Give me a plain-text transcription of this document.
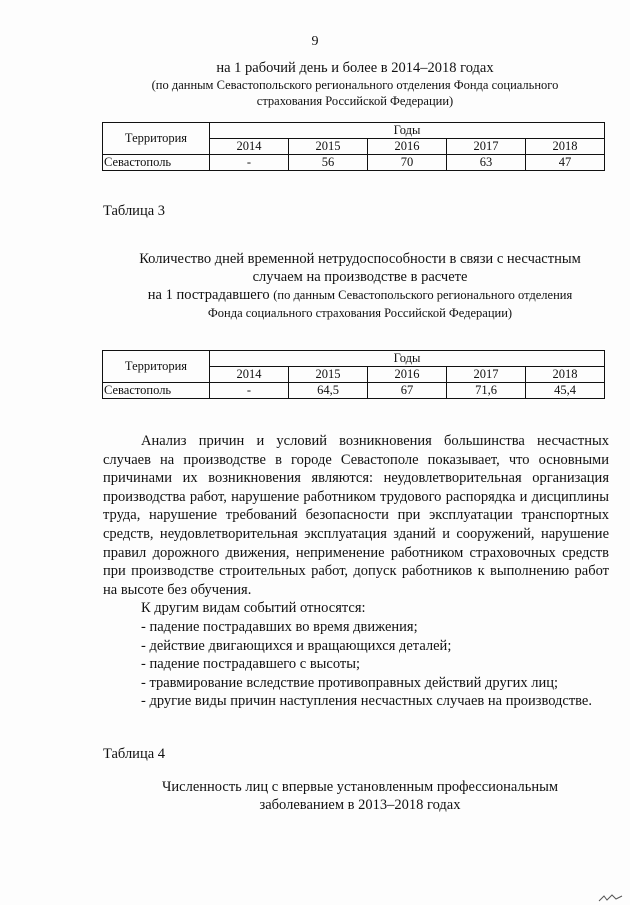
9
на 1 рабочий день и более в 2014–2018 годах
(по данным Севастопольского регионального отделения Фонда социального
страхования Российской Федерации)
Территория	Годы				
	2014	2015	2016	2017	2018
Севастополь	-	56	70	63	47
Таблица 3
Количество дней временной нетрудоспособности в связи с несчастным
случаем на производстве в расчете
на 1 пострадавшего (по данным Севастопольского регионального отделения
Фонда социального страхования Российской Федерации)
Территория	Годы				
	2014	2015	2016	2017	2018
Севастополь	-	64,5	67	71,6	45,4

Анализ причин и условий возникновения большинства несчастных случаев на производстве в городе Севастополе показывает, что основными причинами их возникновения являются: неудовлетворительная организация производства работ, нарушение работником трудового распорядка и дисциплины труда, нарушение требований безопасности при эксплуатации транспортных средств, неудовлетворительная эксплуатация зданий и сооружений, нарушение правил дорожного движения, неприменение работником страховочных средств при производстве строительных работ, допуск работников к выполнению работ на высоте без обучения.

К другим видам событий относятся:

- падение пострадавших во время движения;

- действие двигающихся и вращающихся деталей;

- падение пострадавшего с высоты;

- травмирование вследствие противоправных действий других лиц;

- другие виды причин наступления несчастных случаев на производстве.

Таблица 4
Численность лиц с впервые установленным профессиональным
заболеванием в 2013–2018 годах
